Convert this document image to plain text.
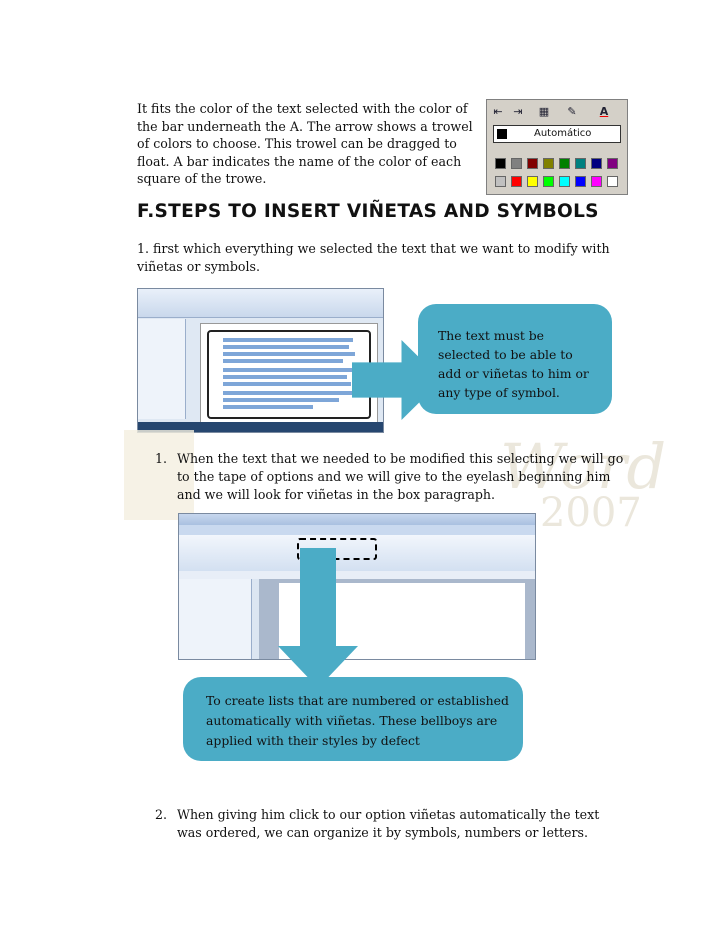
It fits the color of the text selected with the color of the bar underneath the A. The arrow shows a trowel of colors to choose. This trowel can be dragged to float. A bar indicates the name of the color of each square of the trowe.
⇤ ⇥	▦	✎	A
Automático
F.STEPS TO INSERT VIÑETAS AND SYMBOLS
1. first which everything we selected the text that we want to modify with viñetas or symbols.
The text must be selected to be able to add or viñetas to him or any type of symbol.
Word
2007
1. When the text that we needed to be modified this selecting we will go to the tape of options and we will give to the eyelash beginning him and we will look for viñetas in the box paragraph.
To create lists that are numbered or established automatically with viñetas. These bellboys are applied with their styles by defect
2. When giving him click to our option viñetas automatically the text was ordered, we can organize it by symbols, numbers or letters.
